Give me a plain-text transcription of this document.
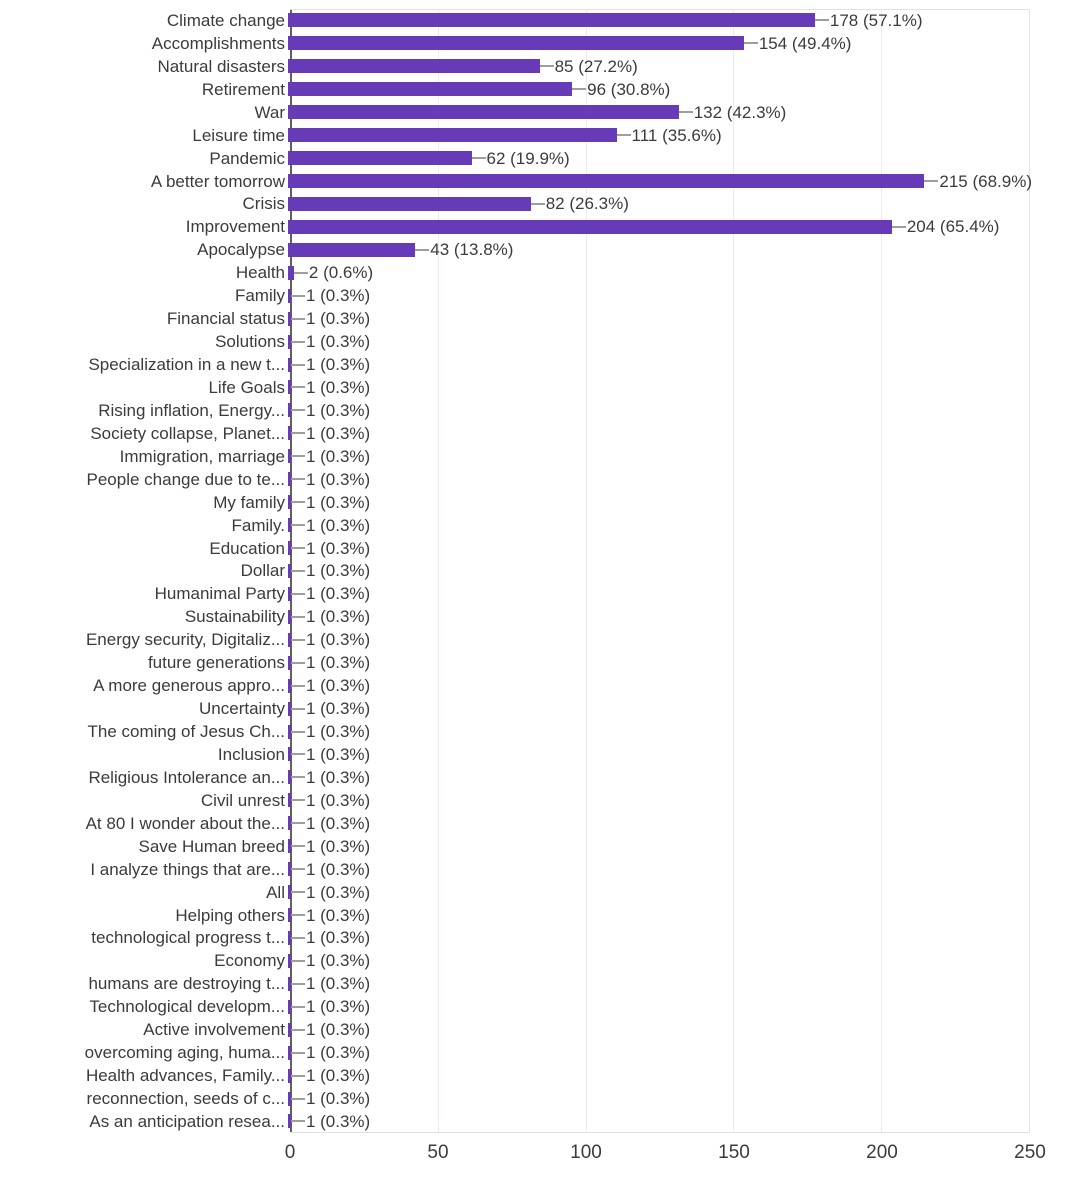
Climate change	178 (57.1%)
Accomplishments	154 (49.4%)
Natural disasters	85 (27.2%)
Retirement	96 (30.8%)
War	132 (42.3%)
Leisure time	111 (35.6%)
Pandemic	62 (19.9%)
A better tomorrow	215 (68.9%)
Crisis	82 (26.3%)
Improvement	204 (65.4%)
Apocalypse	43 (13.8%)
Health 2 (0.6%)
Family 1 (0.3%)
Financial status 1 (0.3%)
Solutions 1 (0.3%)
Specialization in a new t... 1 (0.3%)
Life Goals 1 (0.3%)
Rising inflation, Energy... 1 (0.3%)
Society collapse, Planet... 1 (0.3%)
Immigration, marriage 1 (0.3%)
People change due to te... 1 (0.3%)
My family 1 (0.3%)
Family. 1 (0.3%)
Education 1 (0.3%)
Dollar 1 (0.3%)
Humanimal Party 1 (0.3%)
Sustainability 1 (0.3%)
Energy security, Digitaliz... 1 (0.3%)
future generations 1 (0.3%)
A more generous appro... 1 (0.3%)
Uncertainty 1 (0.3%)
The coming of Jesus Ch... 1 (0.3%)
Inclusion 1 (0.3%)
Religious Intolerance an... 1 (0.3%)
Civil unrest 1 (0.3%)
At 80 I wonder about the... 1 (0.3%)
Save Human breed 1 (0.3%)
I analyze things that are... 1 (0.3%)
All 1 (0.3%)
Helping others 1 (0.3%)
technological progress t... 1 (0.3%)
Economy 1 (0.3%)
humans are destroying t... 1 (0.3%)
Technological developm... 1 (0.3%)
Active involvement 1 (0.3%)
overcoming aging, huma... 1 (0.3%)
Health advances, Family... 1 (0.3%)
reconnection, seeds of c... 1 (0.3%)
As an anticipation resea... 1 (0.3%)
0	50	100	150	200	250
